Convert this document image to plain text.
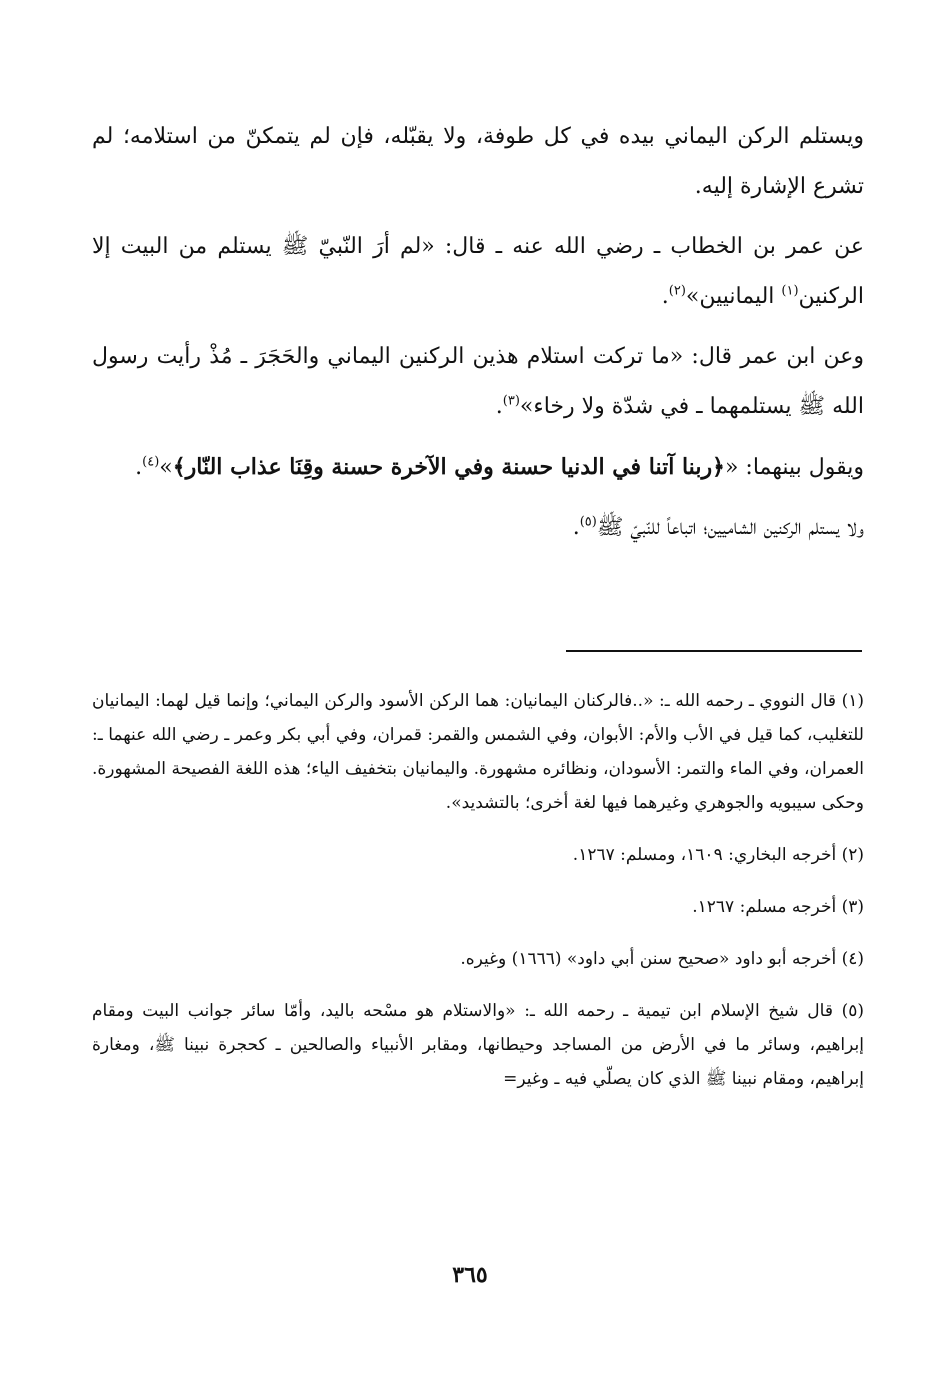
ويستلم الركن اليماني بيده في كل طوفة، ولا يقبّله، فإن لم يتمكنّ من استلامه؛ لم تشرع الإشارة إليه.

عن عمر بن الخطاب ـ رضي الله عنه ـ قال: «لم أرَ النّبيّ ﷺ يستلم من البيت إلا الركنين$^{(١)}$ اليمانيين»$^{(٢)}$.

وعن ابن عمر قال: «ما تركت استلام هذين الركنين اليماني والحَجَرَ ـ مُذْ رأيت رسول الله ﷺ يستلمهما ـ في شدّة ولا رخاء»$^{(٣)}$.

ويقول بينهما: «﴿ربنا آتنا في الدنيا حسنة وفي الآخرة حسنة وقِنَا عذاب النّار﴾»$^{(٤)}$.

ولا يستلم الركنين الشاميين؛ اتباعاً للنّبيّ ﷺ$^{(٥)}$.

(١) قال النووي ـ رحمه الله ـ: «..فالركنان اليمانيان: هما الركن الأسود والركن اليماني؛ وإنما قيل لهما: اليمانيان للتغليب، كما قيل في الأب والأم: الأبوان، وفي الشمس والقمر: قمران، وفي أبي بكر وعمر ـ رضي الله عنهما ـ: العمران، وفي الماء والتمر: الأسودان، ونظائره مشهورة. واليمانيان بتخفيف الياء؛ هذه اللغة الفصيحة المشهورة. وحكى سيبويه والجوهري وغيرهما فيها لغة أخرى؛ بالتشديد».

(٢) أخرجه البخاري: ١٦٠٩، ومسلم: ١٢٦٧.

(٣) أخرجه مسلم: ١٢٦٧.

(٤) أخرجه أبو داود «صحيح سنن أبي داود» (١٦٦٦) وغيره.

(٥) قال شيخ الإسلام ابن تيمية ـ رحمه الله ـ: «والاستلام هو مسْحه باليد، وأمّا سائر جوانب البيت ومقام إبراهيم، وسائر ما في الأرض من المساجد وحيطانها، ومقابر الأنبياء والصالحين ـ كحجرة نبينا ﷺ، ومغارة إبراهيم، ومقام نبينا ﷺ الذي كان يصلّي فيه ـ وغير=

٣٦٥
